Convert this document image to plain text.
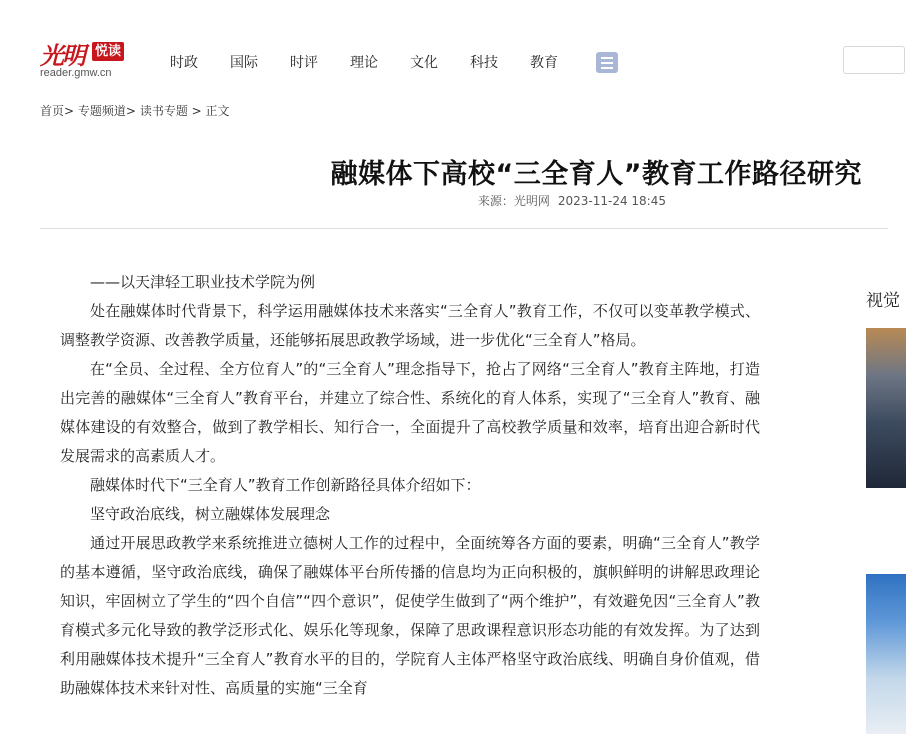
光明 悦读
reader.gmw.cn
时政 国际 时评 理论 文化 科技 教育
首页> 专题频道> 读书专题 > 正文
融媒体下高校“三全育人”教育工作路径研究
来源：光明网 2023-11-24 18:45

——以天津轻工职业技术学院为例

处在融媒体时代背景下，科学运用融媒体技术来落实“三全育人”教育工作，不仅可以变革教学模式、调整教学资源、改善教学质量，还能够拓展思政教学场域，进一步优化“三全育人”格局。

在“全员、全过程、全方位育人”的“三全育人”理念指导下，抢占了网络“三全育人”教育主阵地，打造出完善的融媒体“三全育人”教育平台，并建立了综合性、系统化的育人体系，实现了“三全育人”教育、融媒体建设的有效整合，做到了教学相长、知行合一，全面提升了高校教学质量和效率，培育出迎合新时代发展需求的高素质人才。

融媒体时代下“三全育人”教育工作创新路径具体介绍如下：

坚守政治底线，树立融媒体发展理念

通过开展思政教学来系统推进立德树人工作的过程中，全面统筹各方面的要素，明确“三全育人”教学的基本遵循，坚守政治底线，确保了融媒体平台所传播的信息均为正向积极的，旗帜鲜明的讲解思政理论知识，牢固树立了学生的“四个自信”“四个意识”，促使学生做到了“两个维护”，有效避免因“三全育人”教育模式多元化导致的教学泛形式化、娱乐化等现象，保障了思政课程意识形态功能的有效发挥。为了达到利用融媒体技术提升“三全育人”教育水平的目的，学院育人主体严格坚守政治底线、明确自身价值观，借助融媒体技术来针对性、高质量的实施“三全育

视觉
